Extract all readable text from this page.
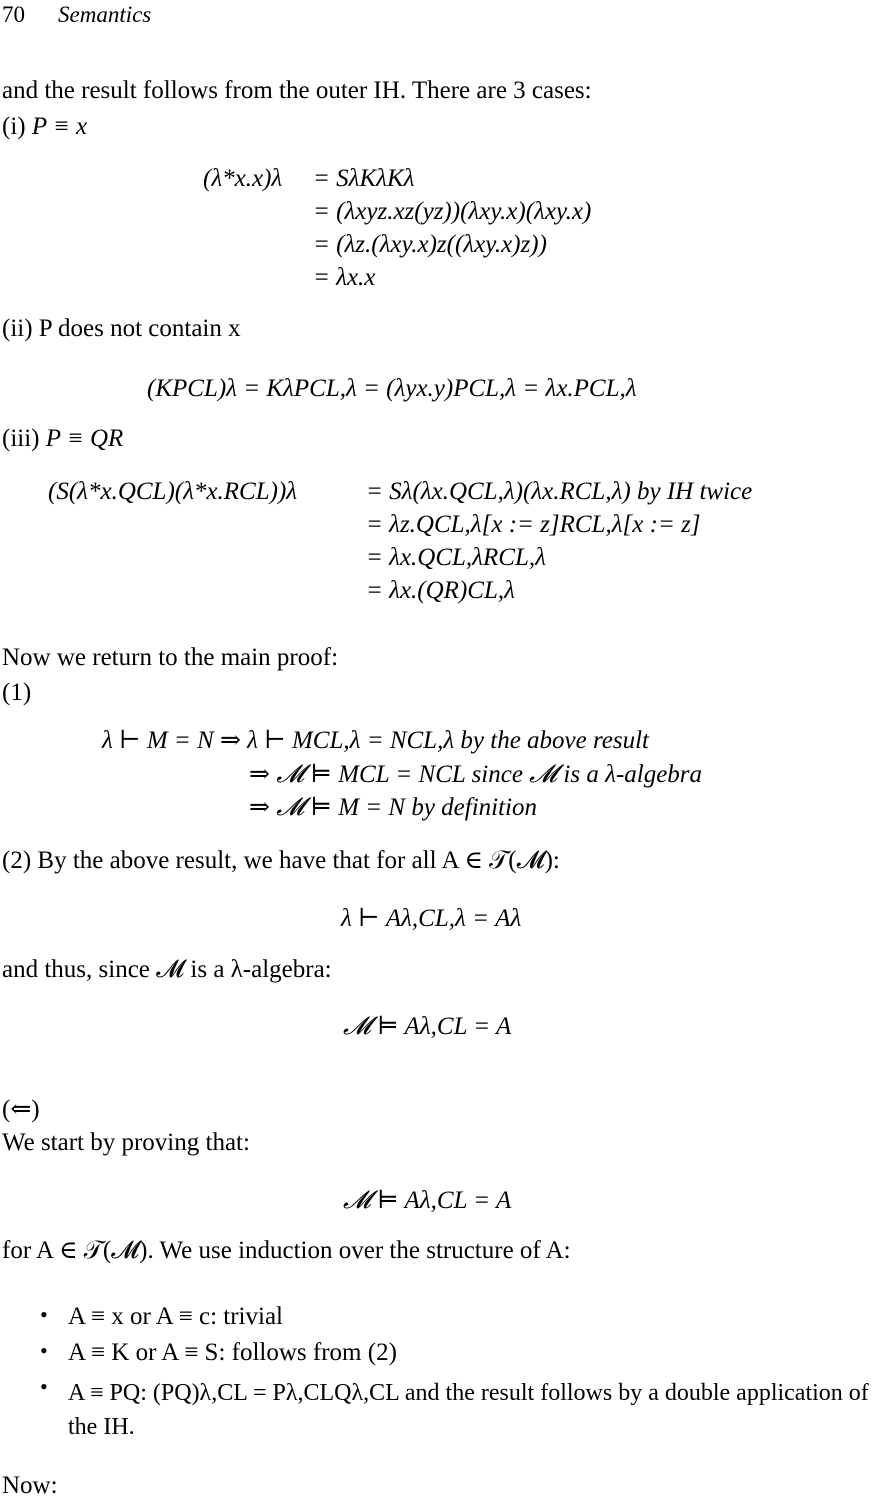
70 Semantics
and the result follows from the outer IH. There are 3 cases:
(i) P ≡ x
(λ*x.x)λ = SλKλKλ
= (λxyz.xz(yz))(λxy.x)(λxy.x)
= (λz.(λxy.x)z((λxy.x)z))
= λx.x
(ii) P does not contain x
(KPCL)λ = KλPCL,λ = (λyx.y)PCL,λ = λx.PCL,λ
(iii) P ≡ QR
(S(λ*x.QCL)(λ*x.RCL))λ	= Sλ(λx.QCL,λ)(λx.RCL,λ) by IH twice
= λz.QCL,λ[x := z]RCL,λ[x := z]
= λx.QCL,λRCL,λ
= λx.(QR)CL,λ
Now we return to the main proof:
(1)
λ ⊢ M = N ⇒ λ ⊢ MCL,λ = NCL,λ by the above result
⇒ 𝓜 ⊨ MCL = NCL since 𝓜 is a λ-algebra
⇒ 𝓜 ⊨ M = N by definition
(2) By the above result, we have that for all A ∈ 𝒯(𝓜):
λ ⊢ Aλ,CL,λ = Aλ
and thus, since 𝓜 is a λ-algebra:
𝓜 ⊨ Aλ,CL = A
(⇐)
We start by proving that:
𝓜 ⊨ Aλ,CL = A
for A ∈ 𝒯(𝓜). We use induction over the structure of A:
• A ≡ x or A ≡ c: trivial
• A ≡ K or A ≡ S: follows from (2)
• A ≡ PQ: (PQ)λ,CL = Pλ,CLQλ,CL and the result follows by a double application of the IH.
Now:
